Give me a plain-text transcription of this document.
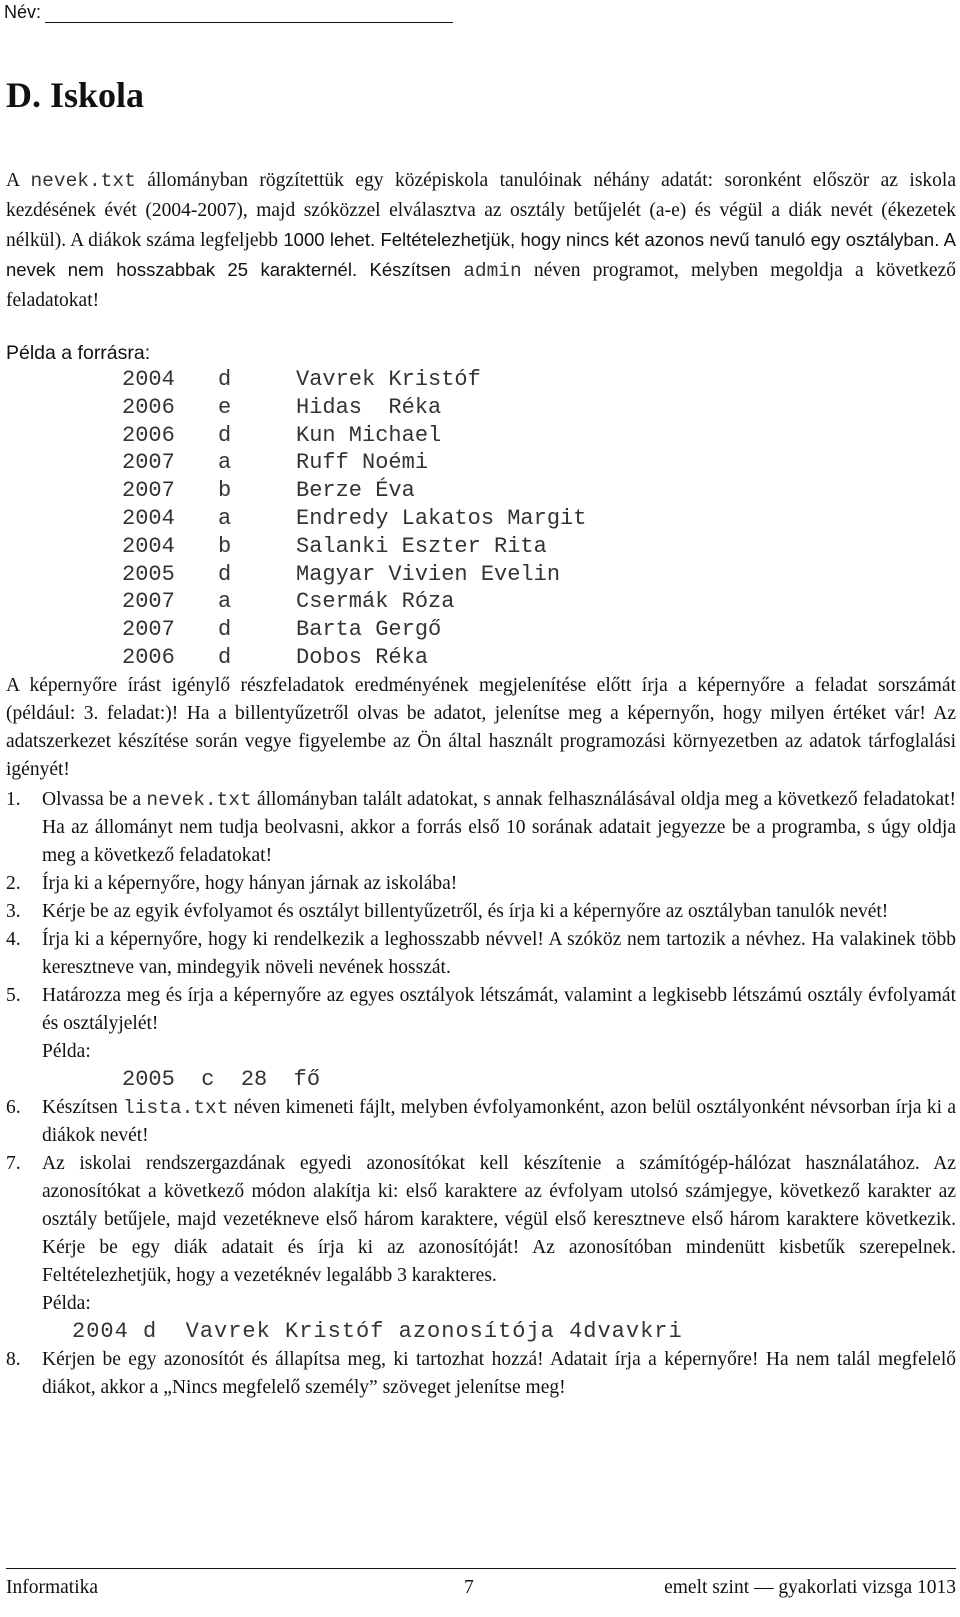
Név:
D. Iskola
A nevek.txt állományban rögzítettük egy középiskola tanulóinak néhány adatát: soronként először az iskola kezdésének évét (2004-2007), majd szóközzel elválasztva az osztály betűjelét (a-e) és végül a diák nevét (ékezetek nélkül). A diákok száma legfeljebb 1000 lehet. Feltételezhetjük, hogy nincs két azonos nevű tanuló egy osztályban. A nevek nem hosszabbak 25 karakternél. Készítsen admin néven programot, melyben megoldja a következő feladatokat!
Példa a forrásra:
2004 d	Vavrek Kristóf
2006 e	Hidas  Réka
2006 d	Kun Michael
2007 a	Ruff Noémi
2007 b	Berze Éva
2004 a	Endredy Lakatos Margit
2004 b	Salanki Eszter Rita
2005 d	Magyar Vivien Evelin
2007 a	Csermák Róza
2007 d	Barta Gergő
2006 d	Dobos Réka
A képernyőre írást igénylő részfeladatok eredményének megjelenítése előtt írja a képernyőre a feladat sorszámát (például: 3. feladat:)! Ha a billentyűzetről olvas be adatot, jelenítse meg a képernyőn, hogy milyen értéket vár! Az adatszerkezet készítése során vegye figyelembe az Ön által használt programozási környezetben az adatok tárfoglalási igényét!
1. Olvassa be a nevek.txt állományban talált adatokat, s annak felhasználásával oldja meg a következő feladatokat! Ha az állományt nem tudja beolvasni, akkor a forrás első 10 sorának adatait jegyezze be a programba, s úgy oldja meg a következő feladatokat!
2. Írja ki a képernyőre, hogy hányan járnak az iskolába!
3. Kérje be az egyik évfolyamot és osztályt billentyűzetről, és írja ki a képernyőre az osztályban tanulók nevét!
4. Írja ki a képernyőre, hogy ki rendelkezik a leghosszabb névvel! A szóköz nem tartozik a névhez. Ha valakinek több keresztneve van, mindegyik növeli nevének hosszát.
5. Határozza meg és írja a képernyőre az egyes osztályok létszámát, valamint a legkisebb létszámú osztály évfolyamát és osztályjelét!
Példa:
2005  c  28  fő
6. Készítsen lista.txt néven kimeneti fájlt, melyben évfolyamonként, azon belül osztályonként névsorban írja ki a diákok nevét!
7. Az iskolai rendszergazdának egyedi azonosítókat kell készítenie a számítógép-hálózat használatához. Az azonosítókat a következő módon alakítja ki: első karaktere az évfolyam utolsó számjegye, következő karakter az osztály betűjele, majd vezetékneve első három karaktere, végül első keresztneve első három karaktere következik. Kérje be egy diák adatait és írja ki az azonosítóját! Az azonosítóban mindenütt kisbetűk szerepelnek. Feltételezhetjük, hogy a vezetéknév legalább 3 karakteres.
Példa:
2004 d  Vavrek Kristóf azonosítója 4dvavkri
8. Kérjen be egy azonosítót és állapítsa meg, ki tartozhat hozzá! Adatait írja a képernyőre! Ha nem talál megfelelő diákot, akkor a „Nincs megfelelő személy” szöveget jelenítse meg!
Informatika	7	emelt szint — gyakorlati vizsga 1013
